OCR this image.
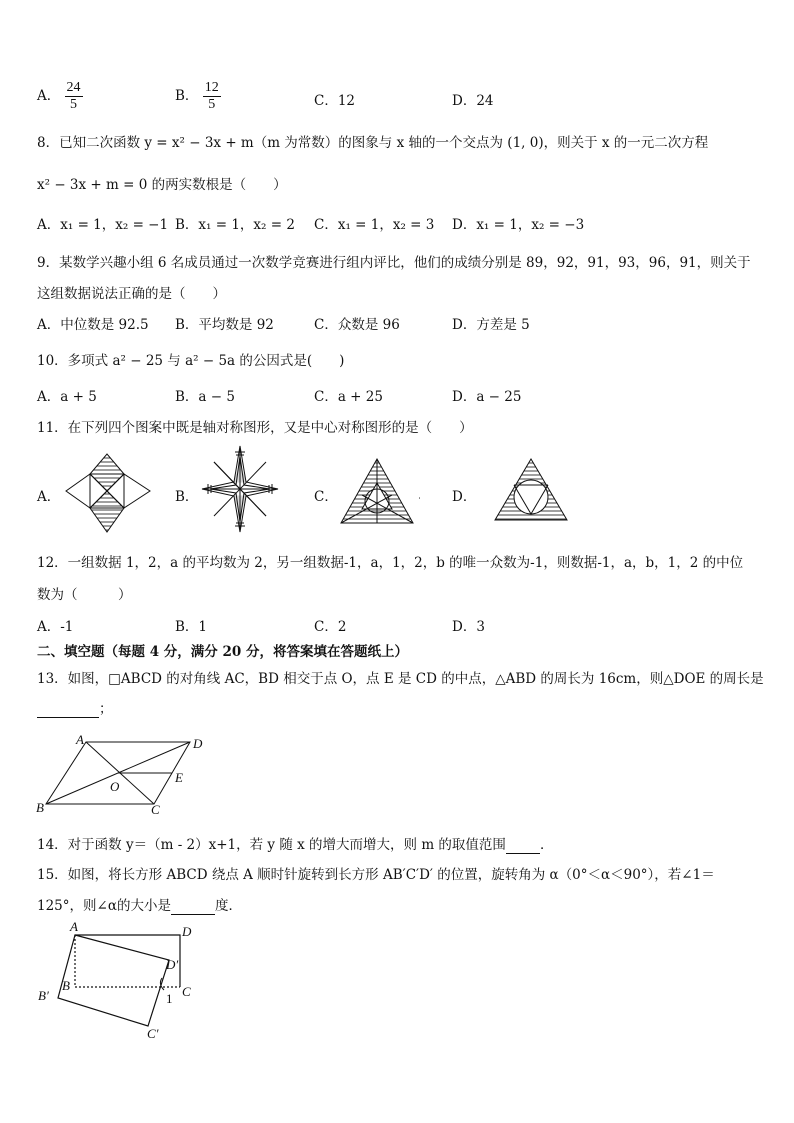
A． $\frac{24}{5}$	B． $\frac{12}{5}$	C．12	D．24
8．已知二次函数 y = x² − 3x + m（m 为常数）的图象与 x 轴的一个交点为 (1, 0)，则关于 x 的一元二次方程
x² − 3x + m = 0 的两实数根是（　　）
A．x₁ = 1，x₂ = −1 B．x₁ = 1，x₂ = 2 C．x₁ = 1，x₂ = 3 D．x₁ = 1，x₂ = −3
9．某数学兴趣小组 6 名成员通过一次数学竞赛进行组内评比，他们的成绩分别是 89，92，91，93，96，91，则关于
这组数据说法正确的是（　　）
A．中位数是 92.5 B．平均数是 92	C．众数是 96	D．方差是 5
10．多项式 a² − 25 与 a² − 5a 的公因式是(　　)
A．a + 5	B．a − 5	C．a + 25	D．a − 25
11．在下列四个图案中既是轴对称图形，又是中心对称图形的是（　　）
A．	B．	C．	D．
12．一组数据 1，2，a 的平均数为 2，另一组数据-1，a，1，2，b 的唯一众数为-1，则数据-1，a，b，1，2 的中位
数为（　　　）
A．-1	B．1	C．2	D．3
二、填空题（每题 4 分，满分 20 分，将答案填在答题纸上）
13．如图，□ABCD 的对角线 AC，BD 相交于点 O，点 E 是 CD 的中点，△ABD 的周长为 16cm，则△DOE 的周长是
；
A	D
E
O
B	C
14．对于函数 y＝（m - 2）x+1，若 y 随 x 的增大而增大，则 m 的取值范围	．
15．如图，将长方形 ABCD 绕点 A 顺时针旋转到长方形 AB′C′D′ 的位置，旋转角为 α（0°＜α＜90°），若∠1＝
125°，则∠α的大小是	度．
A	D
D′
B	C
B′
C′
1
